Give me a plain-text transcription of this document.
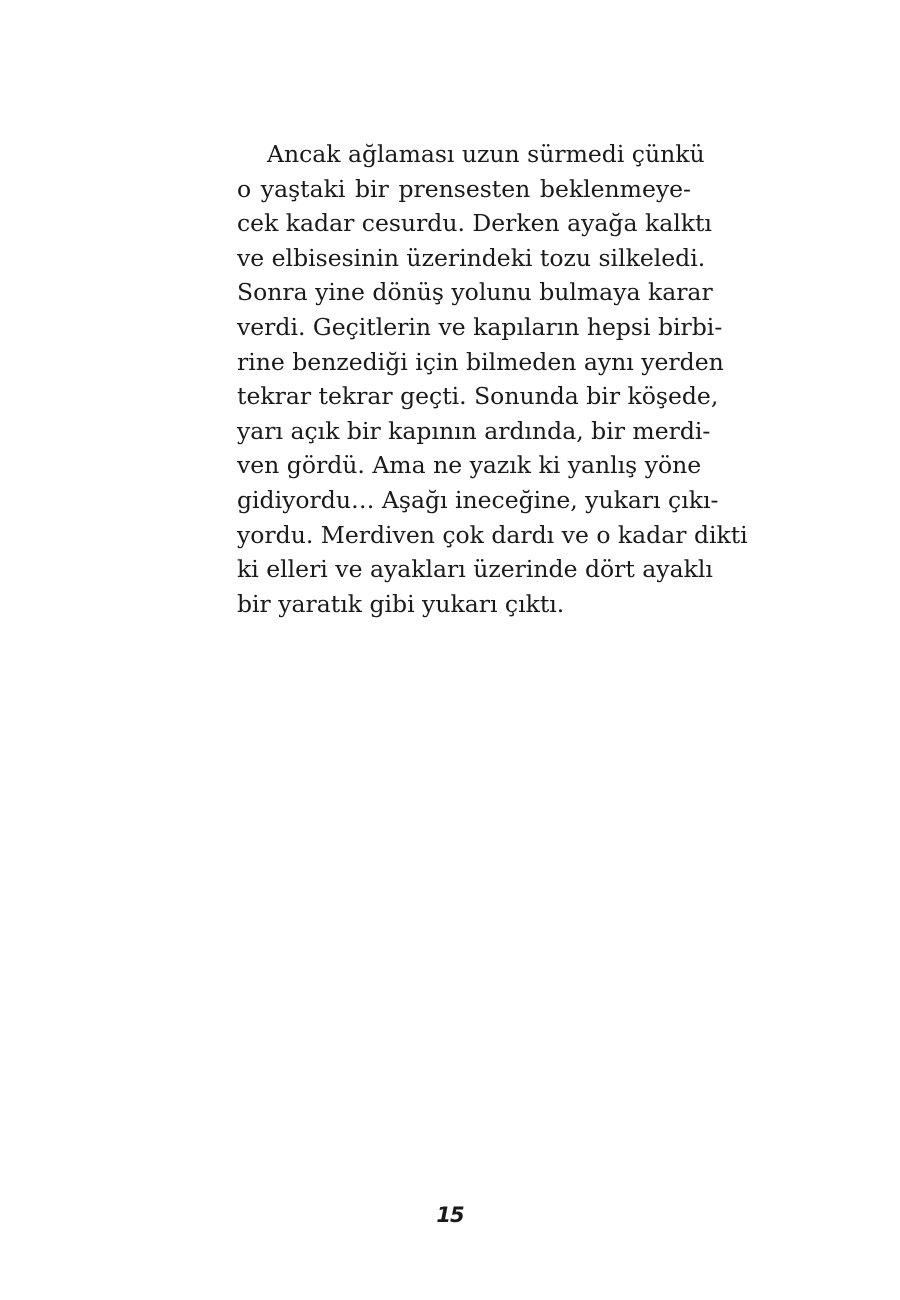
Ancak ağlaması uzun sürmedi çünkü
o yaştaki bir prensesten beklenmeye-
cek kadar cesurdu. Derken ayağa kalktı
ve elbisesinin üzerindeki tozu silkeledi.
Sonra yine dönüş yolunu bulmaya karar
verdi. Geçitlerin ve kapıların hepsi birbi-
rine benzediği için bilmeden aynı yerden
tekrar tekrar geçti. Sonunda bir köşede,
yarı açık bir kapının ardında, bir merdi-
ven gördü. Ama ne yazık ki yanlış yöne
gidiyordu… Aşağı ineceğine, yukarı çıkı-
yordu. Merdiven çok dardı ve o kadar dikti
ki elleri ve ayakları üzerinde dört ayaklı
bir yaratık gibi yukarı çıktı.
15
